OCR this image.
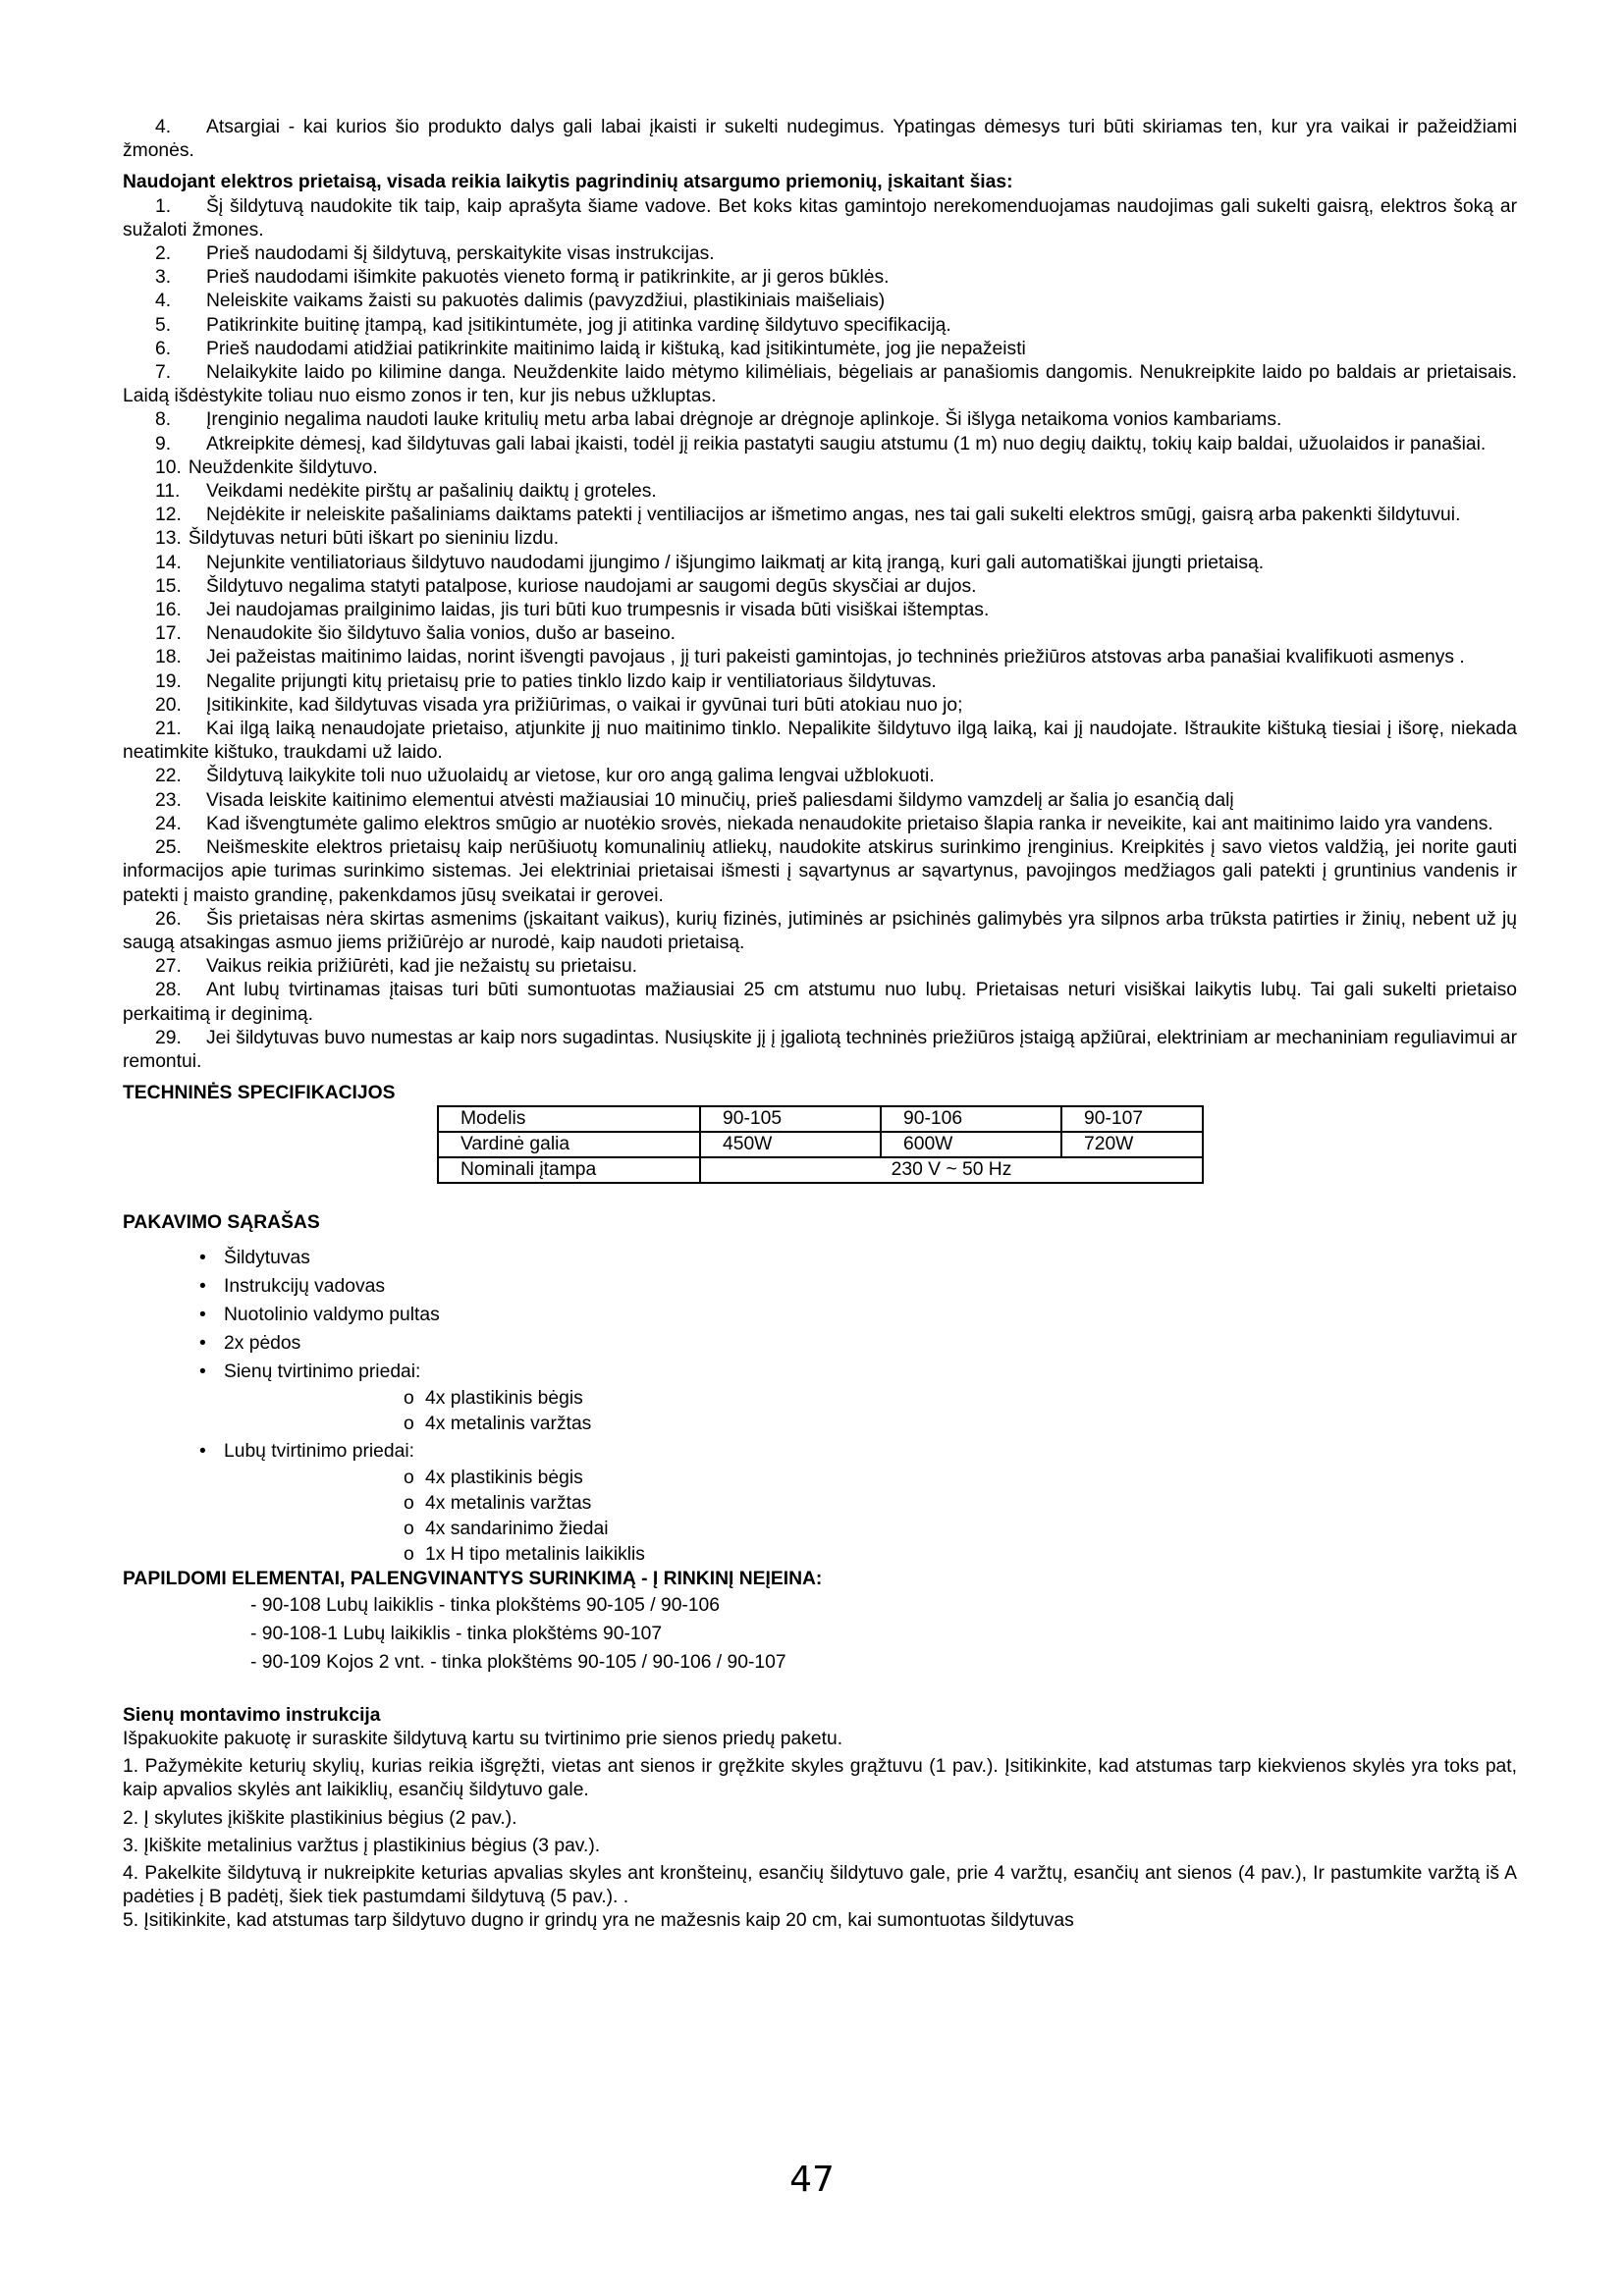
4. Atsargiai - kai kurios šio produkto dalys gali labai įkaisti ir sukelti nudegimus. Ypatingas dėmesys turi būti skiriamas ten, kur yra vaikai ir pažeidžiami žmonės.

Naudojant elektros prietaisą, visada reikia laikytis pagrindinių atsargumo priemonių, įskaitant šias:

1. Šį šildytuvą naudokite tik taip, kaip aprašyta šiame vadove. Bet koks kitas gamintojo nerekomenduojamas naudojimas gali sukelti gaisrą, elektros šoką ar sužaloti žmones.

2. Prieš naudodami šį šildytuvą, perskaitykite visas instrukcijas.

3. Prieš naudodami išimkite pakuotės vieneto formą ir patikrinkite, ar ji geros būklės.

4. Neleiskite vaikams žaisti su pakuotės dalimis (pavyzdžiui, plastikiniais maišeliais)

5. Patikrinkite buitinę įtampą, kad įsitikintumėte, jog ji atitinka vardinę šildytuvo specifikaciją.

6. Prieš naudodami atidžiai patikrinkite maitinimo laidą ir kištuką, kad įsitikintumėte, jog jie nepažeisti

7. Nelaikykite laido po kilimine danga. Neuždenkite laido mėtymo kilimėliais, bėgeliais ar panašiomis dangomis. Nenukreipkite laido po baldais ar prietaisais. Laidą išdėstykite toliau nuo eismo zonos ir ten, kur jis nebus užkluptas.

8. Įrenginio negalima naudoti lauke kritulių metu arba labai drėgnoje ar drėgnoje aplinkoje. Ši išlyga netaikoma vonios kambariams.

9. Atkreipkite dėmesį, kad šildytuvas gali labai įkaisti, todėl jį reikia pastatyti saugiu atstumu (1 m) nuo degių daiktų, tokių kaip baldai, užuolaidos ir panašiai.

10. Neuždenkite šildytuvo.

11. Veikdami nedėkite pirštų ar pašalinių daiktų į groteles.

12. Neįdėkite ir neleiskite pašaliniams daiktams patekti į ventiliacijos ar išmetimo angas, nes tai gali sukelti elektros smūgį, gaisrą arba pakenkti šildytuvui.

13. Šildytuvas neturi būti iškart po sieniniu lizdu.

14. Nejunkite ventiliatoriaus šildytuvo naudodami įjungimo / išjungimo laikmatį ar kitą įrangą, kuri gali automatiškai įjungti prietaisą.

15. Šildytuvo negalima statyti patalpose, kuriose naudojami ar saugomi degūs skysčiai ar dujos.

16. Jei naudojamas prailginimo laidas, jis turi būti kuo trumpesnis ir visada būti visiškai ištemptas.

17. Nenaudokite šio šildytuvo šalia vonios, dušo ar baseino.

18. Jei pažeistas maitinimo laidas, norint išvengti pavojaus , jį turi pakeisti gamintojas, jo techninės priežiūros atstovas arba panašiai kvalifikuoti asmenys .

19. Negalite prijungti kitų prietaisų prie to paties tinklo lizdo kaip ir ventiliatoriaus šildytuvas.

20. Įsitikinkite, kad šildytuvas visada yra prižiūrimas, o vaikai ir gyvūnai turi būti atokiau nuo jo;

21. Kai ilgą laiką nenaudojate prietaiso, atjunkite jį nuo maitinimo tinklo. Nepalikite šildytuvo ilgą laiką, kai jį naudojate. Ištraukite kištuką tiesiai į išorę, niekada neatimkite kištuko, traukdami už laido.

22. Šildytuvą laikykite toli nuo užuolaidų ar vietose, kur oro angą galima lengvai užblokuoti.

23. Visada leiskite kaitinimo elementui atvėsti mažiausiai 10 minučių, prieš paliesdami šildymo vamzdelį ar šalia jo esančią dalį

24. Kad išvengtumėte galimo elektros smūgio ar nuotėkio srovės, niekada nenaudokite prietaiso šlapia ranka ir neveikite, kai ant maitinimo laido yra vandens.

25. Neišmeskite elektros prietaisų kaip nerūšiuotų komunalinių atliekų, naudokite atskirus surinkimo įrenginius. Kreipkitės į savo vietos valdžią, jei norite gauti informacijos apie turimas surinkimo sistemas. Jei elektriniai prietaisai išmesti į sąvartynus ar sąvartynus, pavojingos medžiagos gali patekti į gruntinius vandenis ir patekti į maisto grandinę, pakenkdamos jūsų sveikatai ir gerovei.

26. Šis prietaisas nėra skirtas asmenims (įskaitant vaikus), kurių fizinės, jutiminės ar psichinės galimybės yra silpnos arba trūksta patirties ir žinių, nebent už jų saugą atsakingas asmuo jiems prižiūrėjo ar nurodė, kaip naudoti prietaisą.

27. Vaikus reikia prižiūrėti, kad jie nežaistų su prietaisu.

28. Ant lubų tvirtinamas įtaisas turi būti sumontuotas mažiausiai 25 cm atstumu nuo lubų. Prietaisas neturi visiškai laikytis lubų. Tai gali sukelti prietaiso perkaitimą ir deginimą.

29. Jei šildytuvas buvo numestas ar kaip nors sugadintas. Nusiųskite jį į įgaliotą techninės priežiūros įstaigą apžiūrai, elektriniam ar mechaniniam reguliavimui ar remontui.

TECHNINĖS SPECIFIKACIJOS

Modelis	90-105	90-106	90-107
Vardinė galia	450W	600W	720W
Nominali įtampa	230 V ~ 50 Hz		

PAKAVIMO SĄRAŠAS

• Šildytuvas
• Instrukcijų vadovas
• Nuotolinio valdymo pultas
• 2x pėdos
• Sienų tvirtinimo priedai:
o 4x plastikinis bėgis
o 4x metalinis varžtas
• Lubų tvirtinimo priedai:
o 4x plastikinis bėgis
o 4x metalinis varžtas
o 4x sandarinimo žiedai
o 1x H tipo metalinis laikiklis

PAPILDOMI ELEMENTAI, PALENGVINANTYS SURINKIMĄ - Į RINKINĮ NEĮEINA:

- 90-108 Lubų laikiklis - tinka plokštėms 90-105 / 90-106

- 90-108-1 Lubų laikiklis - tinka plokštėms 90-107

- 90-109 Kojos 2 vnt. - tinka plokštėms 90-105 / 90-106 / 90-107

Sienų montavimo instrukcija

Išpakuokite pakuotę ir suraskite šildytuvą kartu su tvirtinimo prie sienos priedų paketu.

1. Pažymėkite keturių skylių, kurias reikia išgręžti, vietas ant sienos ir gręžkite skyles grąžtuvu (1 pav.). Įsitikinkite, kad atstumas tarp kiekvienos skylės yra toks pat, kaip apvalios skylės ant laikiklių, esančių šildytuvo gale.

2. Į skylutes įkiškite plastikinius bėgius (2 pav.).

3. Įkiškite metalinius varžtus į plastikinius bėgius (3 pav.).

4. Pakelkite šildytuvą ir nukreipkite keturias apvalias skyles ant kronšteinų, esančių šildytuvo gale, prie 4 varžtų, esančių ant sienos (4 pav.), Ir pastumkite varžtą iš A padėties į B padėtį, šiek tiek pastumdami šildytuvą (5 pav.). .

5. Įsitikinkite, kad atstumas tarp šildytuvo dugno ir grindų yra ne mažesnis kaip 20 cm, kai sumontuotas šildytuvas

47
